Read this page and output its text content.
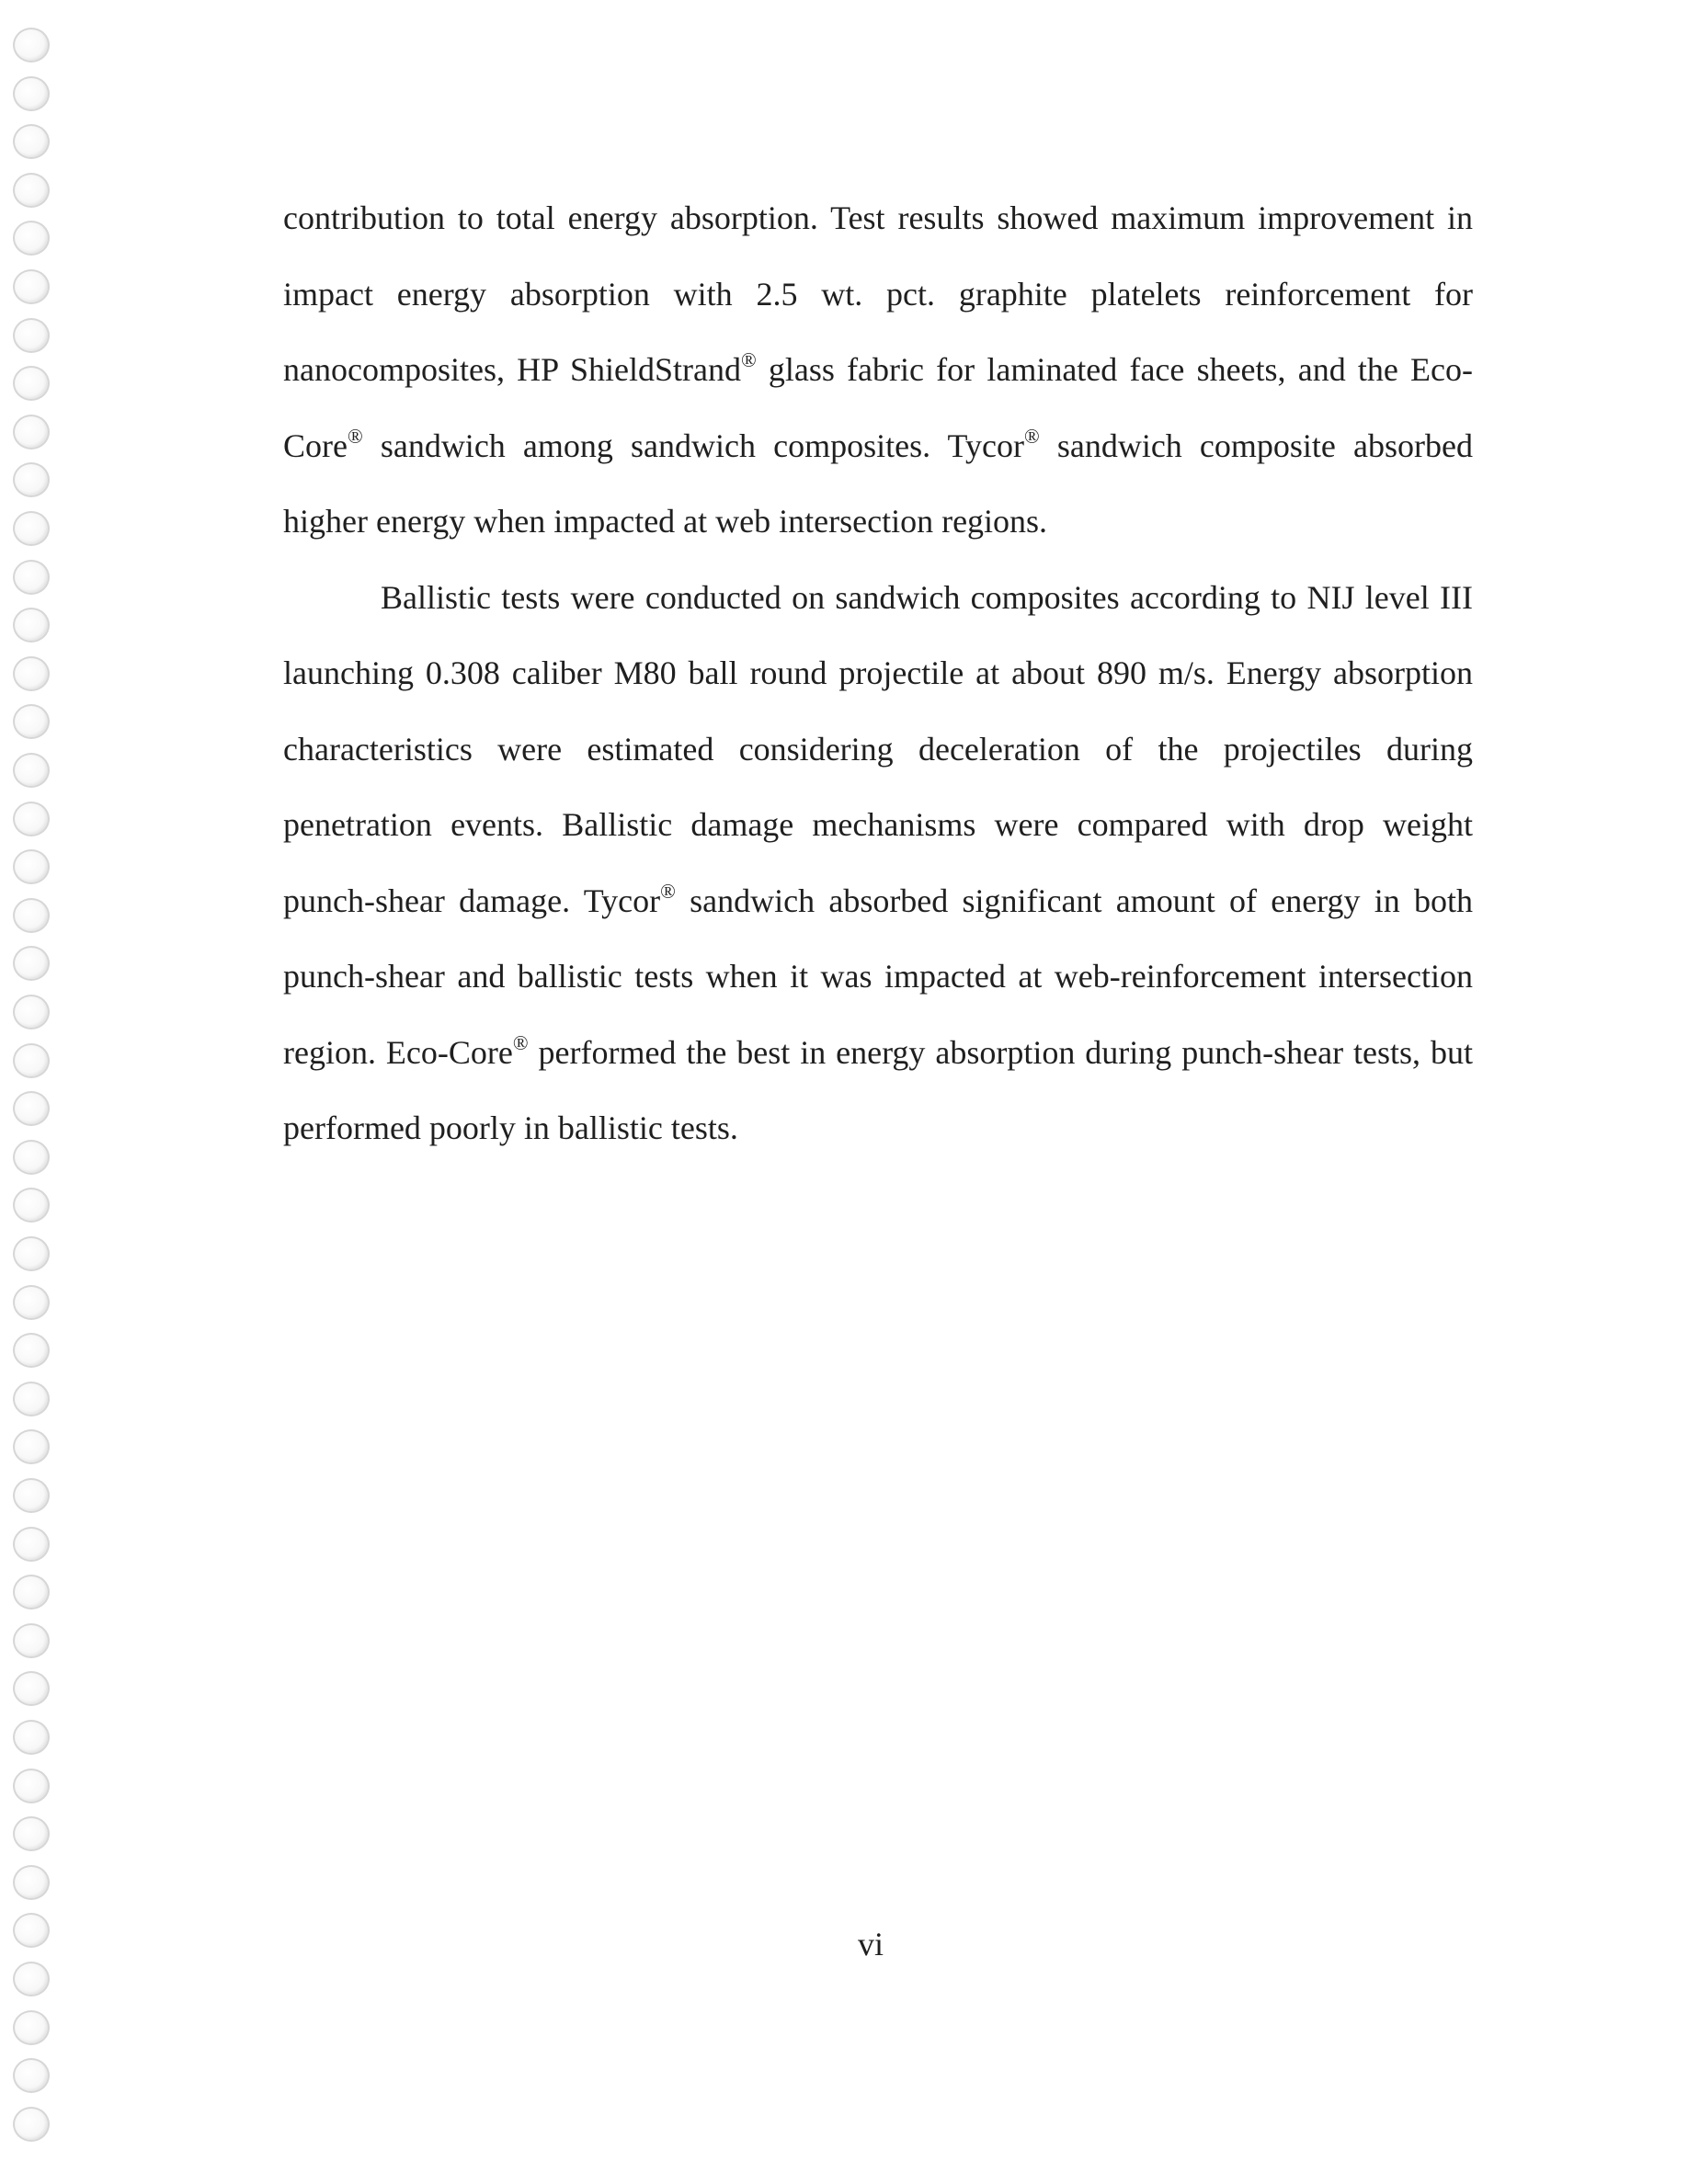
contribution to total energy absorption. Test results showed maximum improvement in impact energy absorption with 2.5 wt. pct. graphite platelets reinforcement for nanocomposites, HP ShieldStrand® glass fabric for laminated face sheets, and the Eco-Core® sandwich among sandwich composites. Tycor® sandwich composite absorbed higher energy when impacted at web intersection regions.

Ballistic tests were conducted on sandwich composites according to NIJ level III launching 0.308 caliber M80 ball round projectile at about 890 m/s. Energy absorption characteristics were estimated considering deceleration of the projectiles during penetration events. Ballistic damage mechanisms were compared with drop weight punch-shear damage. Tycor® sandwich absorbed significant amount of energy in both punch-shear and ballistic tests when it was impacted at web-reinforcement intersection region. Eco-Core® performed the best in energy absorption during punch-shear tests, but performed poorly in ballistic tests.

vi
